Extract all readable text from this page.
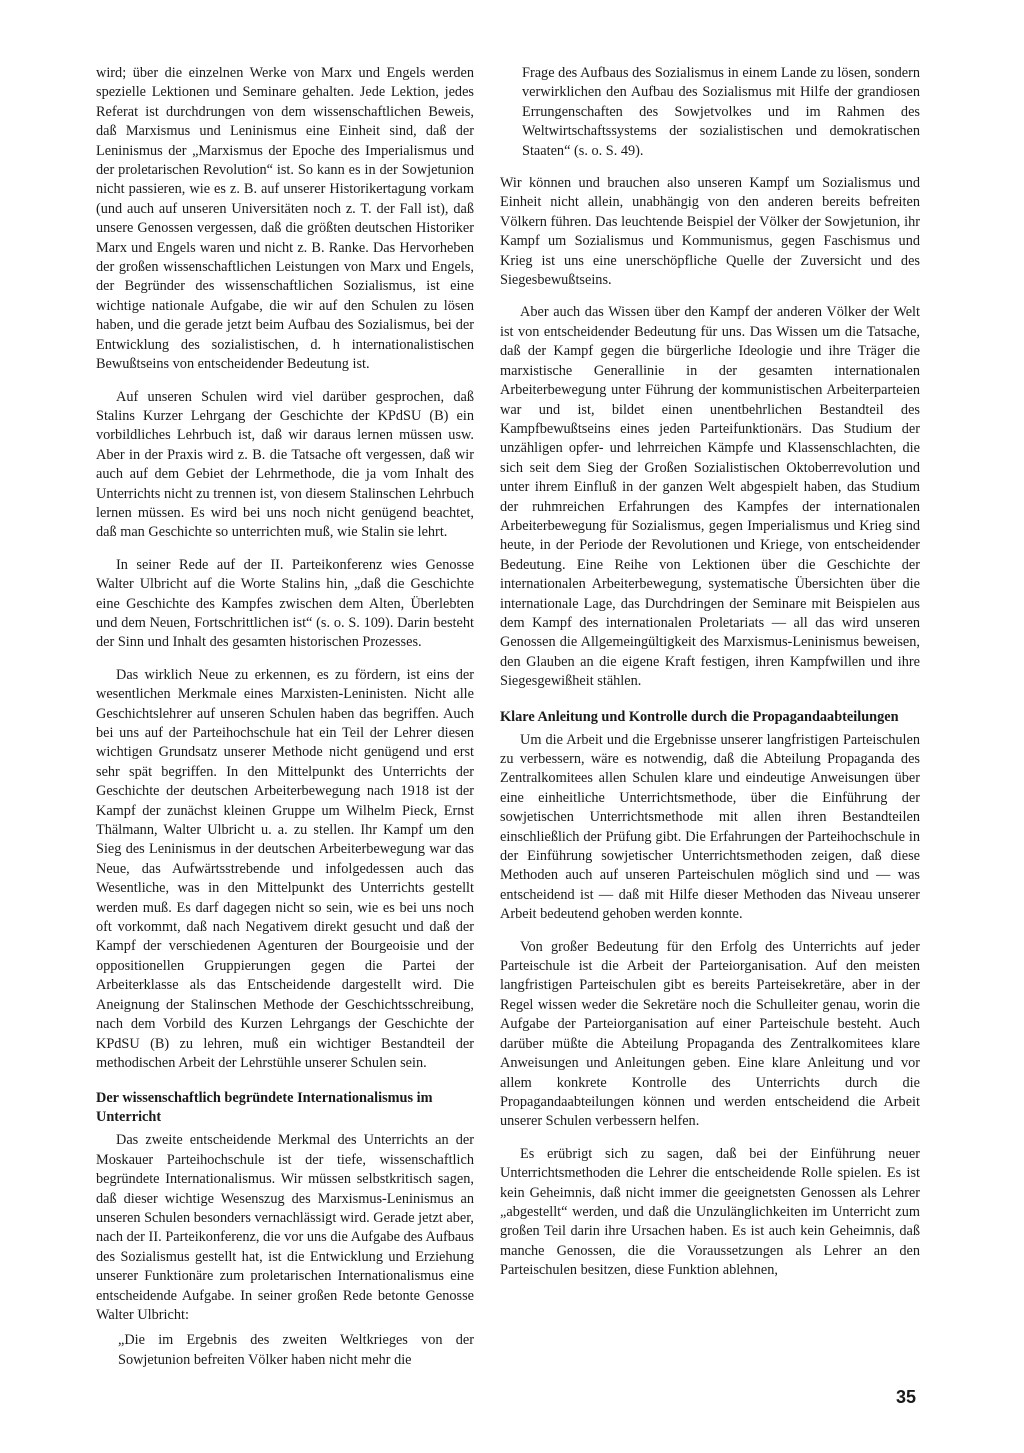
wird; über die einzelnen Werke von Marx und Engels werden spezielle Lektionen und Seminare gehalten. Jede Lektion, jedes Referat ist durchdrungen von dem wissenschaftlichen Beweis, daß Marxismus und Leninismus eine Einheit sind, daß der Leninismus der „Marxismus der Epoche des Imperialismus und der proletarischen Revolution“ ist. So kann es in der Sowjetunion nicht passieren, wie es z. B. auf unserer Historikertagung vorkam (und auch auf unseren Universitäten noch z. T. der Fall ist), daß unsere Genossen vergessen, daß die größten deutschen Historiker Marx und Engels waren und nicht z. B. Ranke. Das Hervorheben der großen wissenschaftlichen Leistungen von Marx und Engels, der Begründer des wissenschaftlichen Sozialismus, ist eine wichtige nationale Aufgabe, die wir auf den Schulen zu lösen haben, und die gerade jetzt beim Aufbau des Sozialismus, bei der Entwicklung des sozialistischen, d. h internationalistischen Bewußtseins von entscheidender Bedeutung ist.

Auf unseren Schulen wird viel darüber gesprochen, daß Stalins Kurzer Lehrgang der Geschichte der KPdSU (B) ein vorbildliches Lehrbuch ist, daß wir daraus lernen müssen usw. Aber in der Praxis wird z. B. die Tatsache oft vergessen, daß wir auch auf dem Gebiet der Lehrmethode, die ja vom Inhalt des Unterrichts nicht zu trennen ist, von diesem Stalinschen Lehrbuch lernen müssen. Es wird bei uns noch nicht genügend beachtet, daß man Geschichte so unterrichten muß, wie Stalin sie lehrt.

In seiner Rede auf der II. Parteikonferenz wies Genosse Walter Ulbricht auf die Worte Stalins hin, „daß die Geschichte eine Geschichte des Kampfes zwischen dem Alten, Überlebten und dem Neuen, Fortschrittlichen ist“ (s. o. S. 109). Darin besteht der Sinn und Inhalt des gesamten historischen Prozesses.

Das wirklich Neue zu erkennen, es zu fördern, ist eins der wesentlichen Merkmale eines Marxisten-Leninisten. Nicht alle Geschichtslehrer auf unseren Schulen haben das begriffen. Auch bei uns auf der Parteihochschule hat ein Teil der Lehrer diesen wichtigen Grundsatz unserer Methode nicht genügend und erst sehr spät begriffen. In den Mittelpunkt des Unterrichts der Geschichte der deutschen Arbeiterbewegung nach 1918 ist der Kampf der zunächst kleinen Gruppe um Wilhelm Pieck, Ernst Thälmann, Walter Ulbricht u. a. zu stellen. Ihr Kampf um den Sieg des Leninismus in der deutschen Arbeiterbewegung war das Neue, das Aufwärtsstrebende und infolgedessen auch das Wesentliche, was in den Mittelpunkt des Unterrichts gestellt werden muß. Es darf dagegen nicht so sein, wie es bei uns noch oft vorkommt, daß nach Negativem direkt gesucht und daß der Kampf der verschiedenen Agenturen der Bourgeoisie und der oppositionellen Gruppierungen gegen die Partei der Arbeiterklasse als das Entscheidende dargestellt wird. Die Aneignung der Stalinschen Methode der Geschichtsschreibung, nach dem Vorbild des Kurzen Lehrgangs der Geschichte der KPdSU (B) zu lehren, muß ein wichtiger Bestandteil der methodischen Arbeit der Lehrstühle unserer Schulen sein.

Der wissenschaftlich begründete Internationalismus im Unterricht

Das zweite entscheidende Merkmal des Unterrichts an der Moskauer Parteihochschule ist der tiefe, wissenschaftlich begründete Internationalismus. Wir müssen selbstkritisch sagen, daß dieser wichtige Wesenszug des Marxismus-Leninismus an unseren Schulen besonders vernachlässigt wird. Gerade jetzt aber, nach der II. Parteikonferenz, die vor uns die Aufgabe des Aufbaus des Sozialismus gestellt hat, ist die Entwicklung und Erziehung unserer Funktionäre zum proletarischen Internationalismus eine entscheidende Aufgabe. In seiner großen Rede betonte Genosse Walter Ulbricht:

„Die im Ergebnis des zweiten Weltkrieges von der Sowjetunion befreiten Völker haben nicht mehr die

Frage des Aufbaus des Sozialismus in einem Lande zu lösen, sondern verwirklichen den Aufbau des Sozialismus mit Hilfe der grandiosen Errungenschaften des Sowjetvolkes und im Rahmen des Weltwirtschaftssystems der sozialistischen und demokratischen Staaten“ (s. o. S. 49).

Wir können und brauchen also unseren Kampf um Sozialismus und Einheit nicht allein, unabhängig von den anderen bereits befreiten Völkern führen. Das leuchtende Beispiel der Völker der Sowjetunion, ihr Kampf um Sozialismus und Kommunismus, gegen Faschismus und Krieg ist uns eine unerschöpfliche Quelle der Zuversicht und des Siegesbewußtseins.

Aber auch das Wissen über den Kampf der anderen Völker der Welt ist von entscheidender Bedeutung für uns. Das Wissen um die Tatsache, daß der Kampf gegen die bürgerliche Ideologie und ihre Träger die marxistische Generallinie in der gesamten internationalen Arbeiterbewegung unter Führung der kommunistischen Arbeiterparteien war und ist, bildet einen unentbehrlichen Bestandteil des Kampfbewußtseins eines jeden Parteifunktionärs. Das Studium der unzähligen opfer- und lehrreichen Kämpfe und Klassenschlachten, die sich seit dem Sieg der Großen Sozialistischen Oktoberrevolution und unter ihrem Einfluß in der ganzen Welt abgespielt haben, das Studium der ruhmreichen Erfahrungen des Kampfes der internationalen Arbeiterbewegung für Sozialismus, gegen Imperialismus und Krieg sind heute, in der Periode der Revolutionen und Kriege, von entscheidender Bedeutung. Eine Reihe von Lektionen über die Geschichte der internationalen Arbeiterbewegung, systematische Übersichten über die internationale Lage, das Durchdringen der Seminare mit Beispielen aus dem Kampf des internationalen Proletariats — all das wird unseren Genossen die Allgemeingültigkeit des Marxismus-Leninismus beweisen, den Glauben an die eigene Kraft festigen, ihren Kampfwillen und ihre Siegesgewißheit stählen.

Klare Anleitung und Kontrolle durch die Propagandaabteilungen

Um die Arbeit und die Ergebnisse unserer langfristigen Parteischulen zu verbessern, wäre es notwendig, daß die Abteilung Propaganda des Zentralkomitees allen Schulen klare und eindeutige Anweisungen über eine einheitliche Unterrichtsmethode, über die Einführung der sowjetischen Unterrichtsmethode mit allen ihren Bestandteilen einschließlich der Prüfung gibt. Die Erfahrungen der Parteihochschule in der Einführung sowjetischer Unterrichtsmethoden zeigen, daß diese Methoden auch auf unseren Parteischulen möglich sind und — was entscheidend ist — daß mit Hilfe dieser Methoden das Niveau unserer Arbeit bedeutend gehoben werden konnte.

Von großer Bedeutung für den Erfolg des Unterrichts auf jeder Parteischule ist die Arbeit der Parteiorganisation. Auf den meisten langfristigen Parteischulen gibt es bereits Parteisekretäre, aber in der Regel wissen weder die Sekretäre noch die Schulleiter genau, worin die Aufgabe der Parteiorganisation auf einer Parteischule besteht. Auch darüber müßte die Abteilung Propaganda des Zentralkomitees klare Anweisungen und Anleitungen geben. Eine klare Anleitung und vor allem konkrete Kontrolle des Unterrichts durch die Propagandaabteilungen können und werden entscheidend die Arbeit unserer Schulen verbessern helfen.

Es erübrigt sich zu sagen, daß bei der Einführung neuer Unterrichtsmethoden die Lehrer die entscheidende Rolle spielen. Es ist kein Geheimnis, daß nicht immer die geeignetsten Genossen als Lehrer „abgestellt“ werden, und daß die Unzulänglichkeiten im Unterricht zum großen Teil darin ihre Ursachen haben. Es ist auch kein Geheimnis, daß manche Genossen, die die Voraussetzungen als Lehrer an den Parteischulen besitzen, diese Funktion ablehnen,

35
